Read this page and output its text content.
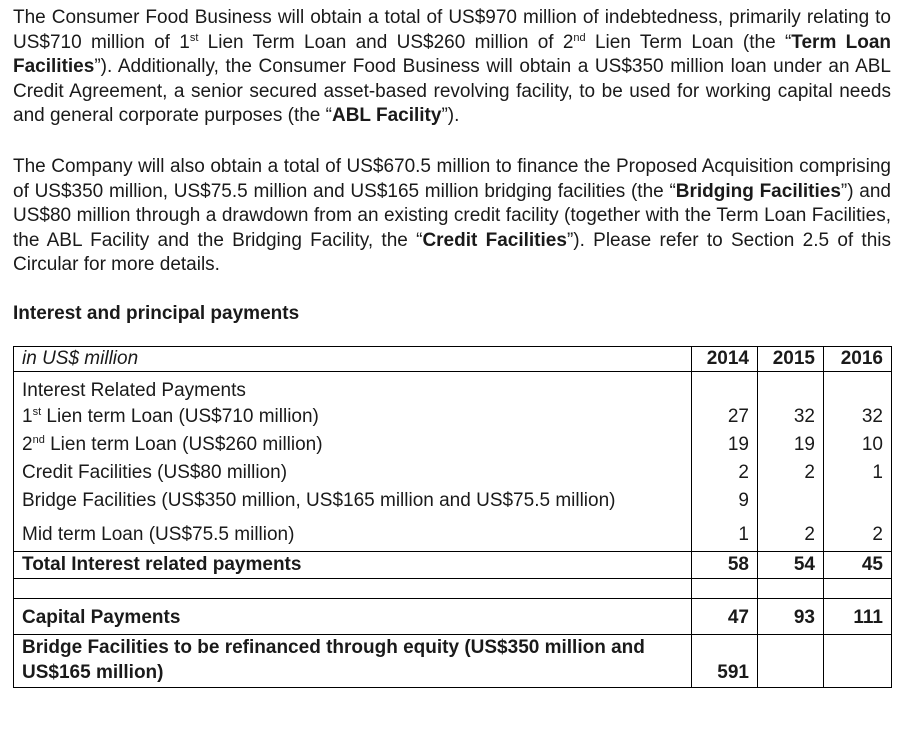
The Consumer Food Business will obtain a total of US$970 million of indebtedness, primarily relating to US$710 million of 1st Lien Term Loan and US$260 million of 2nd Lien Term Loan (the “Term Loan Facilities”). Additionally, the Consumer Food Business will obtain a US$350 million loan under an ABL Credit Agreement, a senior secured asset-based revolving facility, to be used for working capital needs and general corporate purposes (the “ABL Facility”).

The Company will also obtain a total of US$670.5 million to finance the Proposed Acquisition comprising of US$350 million, US$75.5 million and US$165 million bridging facilities (the “Bridging Facilities”) and US$80 million through a drawdown from an existing credit facility (together with the Term Loan Facilities, the ABL Facility and the Bridging Facility, the “Credit Facilities”). Please refer to Section 2.5 of this Circular for more details.

Interest and principal payments
in US$ million	2014	2015	2016
Interest Related Payments			
1st Lien term Loan (US$710 million)	27	32	32
2nd Lien term Loan (US$260 million)	19	19	10
Credit Facilities (US$80 million)	2	2	1
Bridge Facilities (US$350 million, US$165 million and US$75.5 million)	9		
Mid term Loan (US$75.5 million)	1	2	2
Total Interest related payments	58	54	45

Capital Payments	47	93	111
Bridge Facilities to be refinanced through equity (US$350 million and US$165 million)	591		
